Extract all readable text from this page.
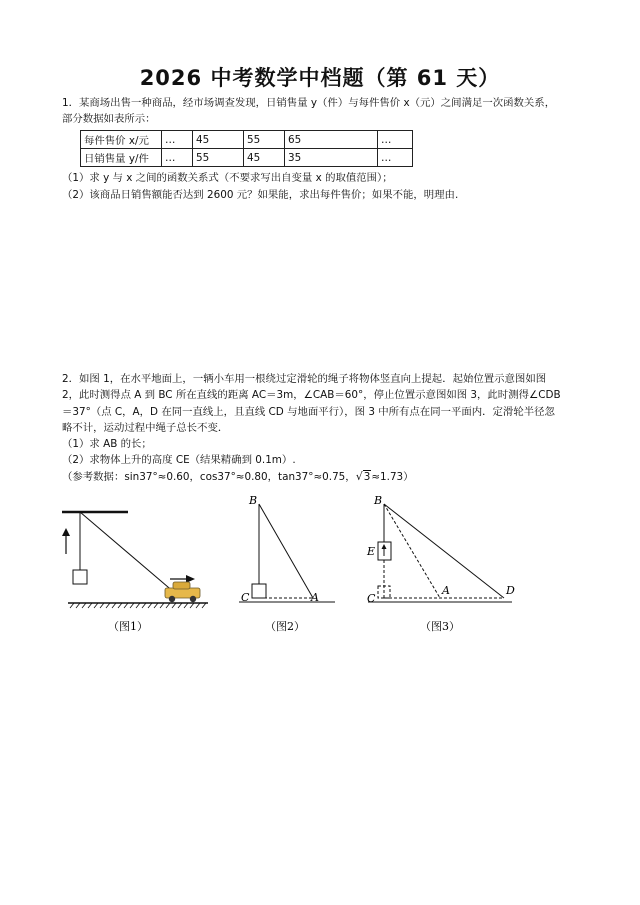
2026 中考数学中档题（第 61 天）
1．某商场出售一种商品，经市场调查发现，日销售量 y（件）与每件售价 x（元）之间满足一次函数关系，
部分数据如表所示：
每件售价 x/元	…	45	55	65	…
日销售量 y/件	…	55	45	35	…
（1）求 y 与 x 之间的函数关系式（不要求写出自变量 x 的取值范围）；
（2）该商品日销售额能否达到 2600 元？如果能，求出每件售价；如果不能，明理由.
2．如图 1，在水平地面上，一辆小车用一根绕过定滑轮的绳子将物体竖直向上提起．起始位置示意图如图
2，此时测得点 A 到 BC 所在直线的距离 AC＝3m，∠CAB＝60°，停止位置示意图如图 3，此时测得∠CDB
＝37°（点 C，A，D 在同一直线上，且直线 CD 与地面平行），图 3 中所有点在同一平面内．定滑轮半径忽
略不计，运动过程中绳子总长不变．
（1）求 AB 的长；
（2）求物体上升的高度 CE（结果精确到 0.1m）.
（参考数据：sin37°≈0.60，cos37°≈0.80，tan37°≈0.75，√3≈1.73）
（图1）
B
C	A
（图2）
B
E
A
C
D
（图3）
